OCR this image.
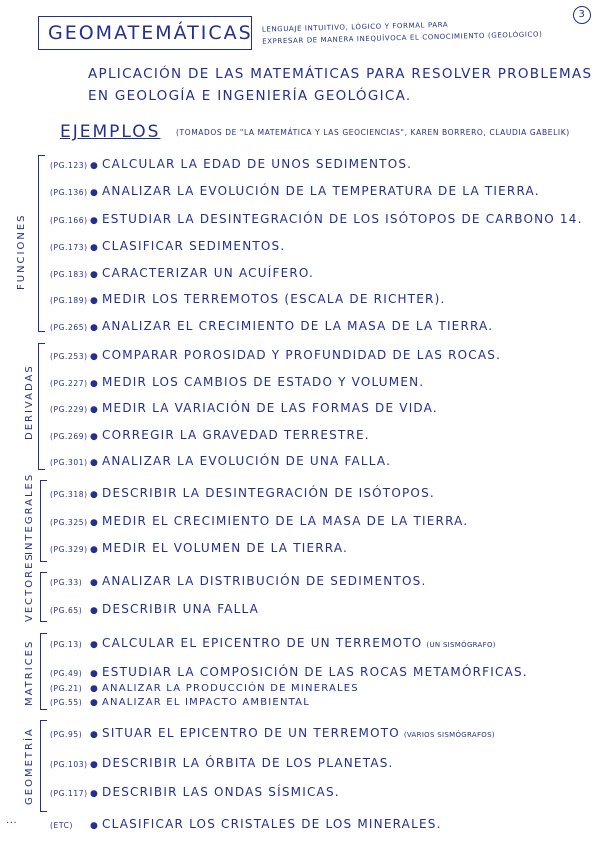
3
GEOMATEMÁTICAS LENGUAJE INTUITIVO, LÓGICO Y FORMAL PARA
EXPRESAR DE MANERA INEQUÍVOCA EL CONOCIMIENTO (GEOLÓGICO)
APLICACIÓN DE LAS MATEMÁTICAS PARA RESOLVER PROBLEMAS
EN GEOLOGÍA E INGENIERÍA GEOLÓGICA.
EJEMPLOS (TOMADOS DE "LA MATEMÁTICA Y LAS GEOCIENCIAS", KAREN BORRERO, CLAUDIA GABELIK)
FUNCIONES
DERIVADAS
INTEGRALES
VECTORES
MATRICES
GEOMETRÍA
...
(PG.123) ● CALCULAR LA EDAD DE UNOS SEDIMENTOS.
(PG.136) ● ANALIZAR LA EVOLUCIÓN DE LA TEMPERATURA DE LA TIERRA.
(PG.166) ● ESTUDIAR LA DESINTEGRACIÓN DE LOS ISÓTOPOS DE CARBONO 14.
(PG.173) ● CLASIFICAR SEDIMENTOS.
(PG.183) ● CARACTERIZAR UN ACUÍFERO.
(PG.189) ● MEDIR LOS TERREMOTOS (ESCALA DE RICHTER).
(PG.265) ● ANALIZAR EL CRECIMIENTO DE LA MASA DE LA TIERRA.
(PG.253) ● COMPARAR POROSIDAD Y PROFUNDIDAD DE LAS ROCAS.
(PG.227) ● MEDIR LOS CAMBIOS DE ESTADO Y VOLUMEN.
(PG.229) ● MEDIR LA VARIACIÓN DE LAS FORMAS DE VIDA.
(PG.269) ● CORREGIR LA GRAVEDAD TERRESTRE.
(PG.301) ● ANALIZAR LA EVOLUCIÓN DE UNA FALLA.
(PG.318) ● DESCRIBIR LA DESINTEGRACIÓN DE ISÓTOPOS.
(PG.325) ● MEDIR EL CRECIMIENTO DE LA MASA DE LA TIERRA.
(PG.329) ● MEDIR EL VOLUMEN DE LA TIERRA.
(PG.33) ● ANALIZAR LA DISTRIBUCIÓN DE SEDIMENTOS.
(PG.65) ● DESCRIBIR UNA FALLA
(PG.13) ● CALCULAR EL EPICENTRO DE UN TERREMOTO (UN SISMÓGRAFO)
(PG.49) ● ESTUDIAR LA COMPOSICIÓN DE LAS ROCAS METAMÓRFICAS.
(PG.21) ● ANALIZAR LA PRODUCCIÓN DE MINERALES
(PG.55) ● ANALIZAR EL IMPACTO AMBIENTAL
(PG.95) ● SITUAR EL EPICENTRO DE UN TERREMOTO (VARIOS SISMÓGRAFOS)
(PG.103) ● DESCRIBIR LA ÓRBITA DE LOS PLANETAS.
(PG.117) ● DESCRIBIR LAS ONDAS SÍSMICAS.
(ETC)	● CLASIFICAR LOS CRISTALES DE LOS MINERALES.
